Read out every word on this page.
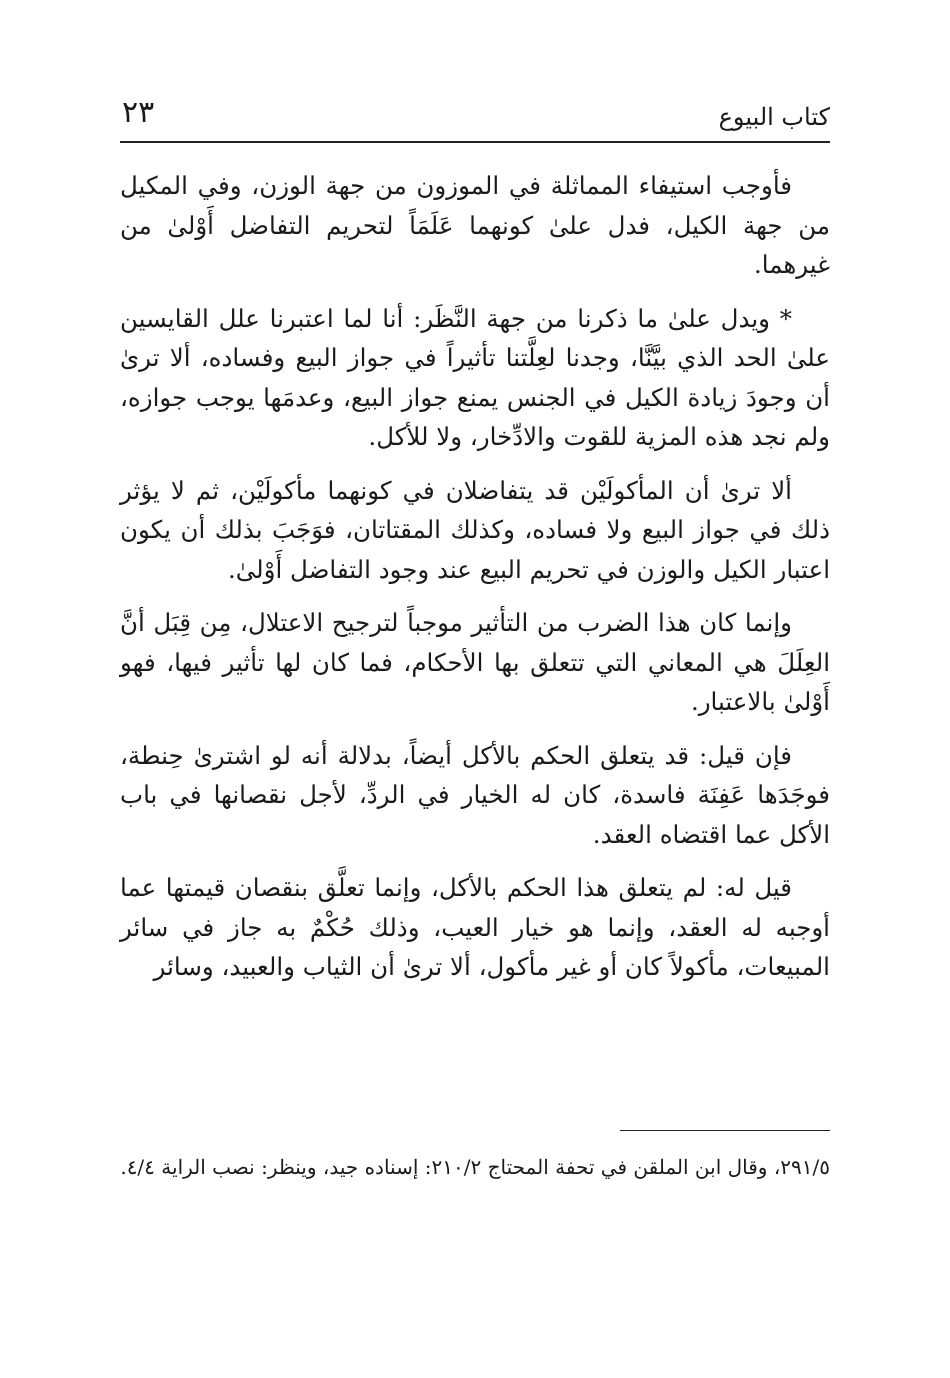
كتاب البيوع
٢٣

فأوجب استيفاء المماثلة في الموزون من جهة الوزن، وفي المكيل من جهة الكيل، فدل علىٰ كونهما عَلَمَاً لتحريم التفاضل أَوْلىٰ من غيرهما.

* ويدل علىٰ ما ذكرنا من جهة النَّظَر: أنا لما اعتبرنا علل القايسين علىٰ الحد الذي بيَّنَّا، وجدنا لعِلَّتنا تأثيراً في جواز البيع وفساده، ألا ترىٰ أن وجودَ زيادة الكيل في الجنس يمنع جواز البيع، وعدمَها يوجب جوازه، ولم نجد هذه المزية للقوت والادِّخار، ولا للأكل.

ألا ترىٰ أن المأكولَيْن قد يتفاضلان في كونهما مأكولَيْن، ثم لا يؤثر ذلك في جواز البيع ولا فساده، وكذلك المقتاتان، فوَجَبَ بذلك أن يكون اعتبار الكيل والوزن في تحريم البيع عند وجود التفاضل أَوْلىٰ.

وإنما كان هذا الضرب من التأثير موجباً لترجيح الاعتلال، مِن قِبَل أنَّ العِلَلَ هي المعاني التي تتعلق بها الأحكام، فما كان لها تأثير فيها، فهو أَوْلىٰ بالاعتبار.

فإن قيل: قد يتعلق الحكم بالأكل أيضاً، بدلالة أنه لو اشترىٰ حِنطة، فوجَدَها عَفِنَة فاسدة، كان له الخيار في الردِّ، لأجل نقصانها في باب الأكل عما اقتضاه العقد.

قيل له: لم يتعلق هذا الحكم بالأكل، وإنما تعلَّق بنقصان قيمتها عما أوجبه له العقد، وإنما هو خيار العيب، وذلك حُكْمٌ به جاز في سائر المبيعات، مأكولاً كان أو غير مأكول، ألا ترىٰ أن الثياب والعبيد، وسائر

٢٩١/٥، وقال ابن الملقن في تحفة المحتاج ٢١٠/٢: إسناده جيد، وينظر: نصب الراية ٤/٤.
